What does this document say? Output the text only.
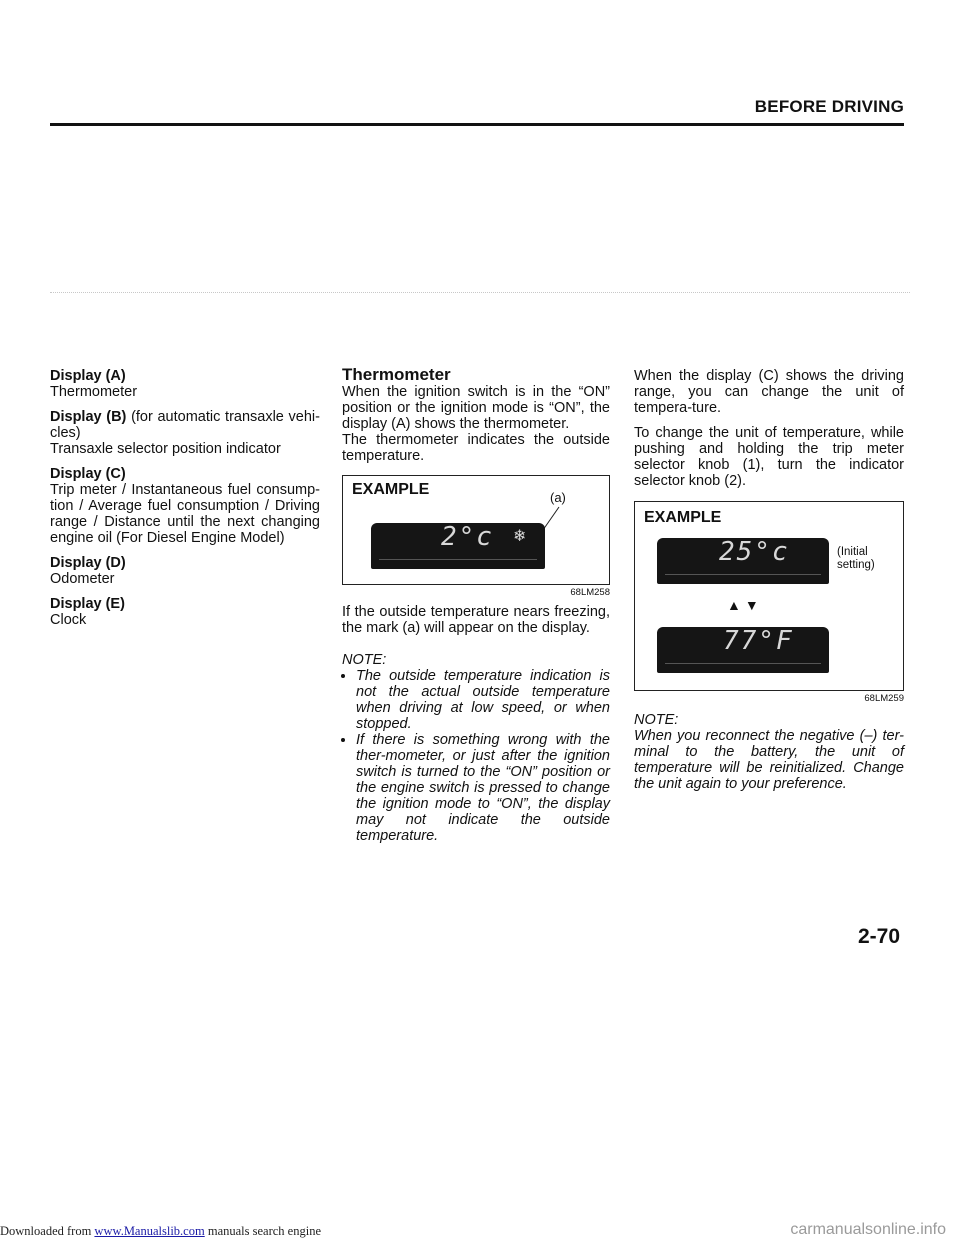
BEFORE DRIVING

Display (A)

Thermometer

Display (B) (for automatic transaxle vehi-cles)

Transaxle selector position indicator

Display (C)

Trip meter / Instantaneous fuel consump-tion / Average fuel consumption / Driving range / Distance until the next changing engine oil (For Diesel Engine Model)

Display (D)

Odometer

Display (E)

Clock

Thermometer

When the ignition switch is in the “ON” position or the ignition mode is “ON”, the display (A) shows the thermometer.

The thermometer indicates the outside temperature.

EXAMPLE	(a)
2°c ❄
68LM258

If the outside temperature nears freezing, the mark (a) will appear on the display.

NOTE:

• The outside temperature indication is not the actual outside temperature when driving at low speed, or when stopped.
• If there is something wrong with the ther-mometer, or just after the ignition switch is turned to the “ON” position or the engine switch is pressed to change the ignition mode to “ON”, the display may not indicate the outside temperature.

When the display (C) shows the driving range, you can change the unit of tempera-ture.

To change the unit of temperature, while pushing and holding the trip meter selector knob (1), turn the indicator selector knob (2).

EXAMPLE
25°c	(Initial setting)
▲▼
77°F
68LM259

NOTE:

When you reconnect the negative (–) ter-minal to the battery, the unit of temperature will be reinitialized. Change the unit again to your preference.

2-70
Downloaded from www.Manualslib.com manuals search engine	carmanualsonline.info
